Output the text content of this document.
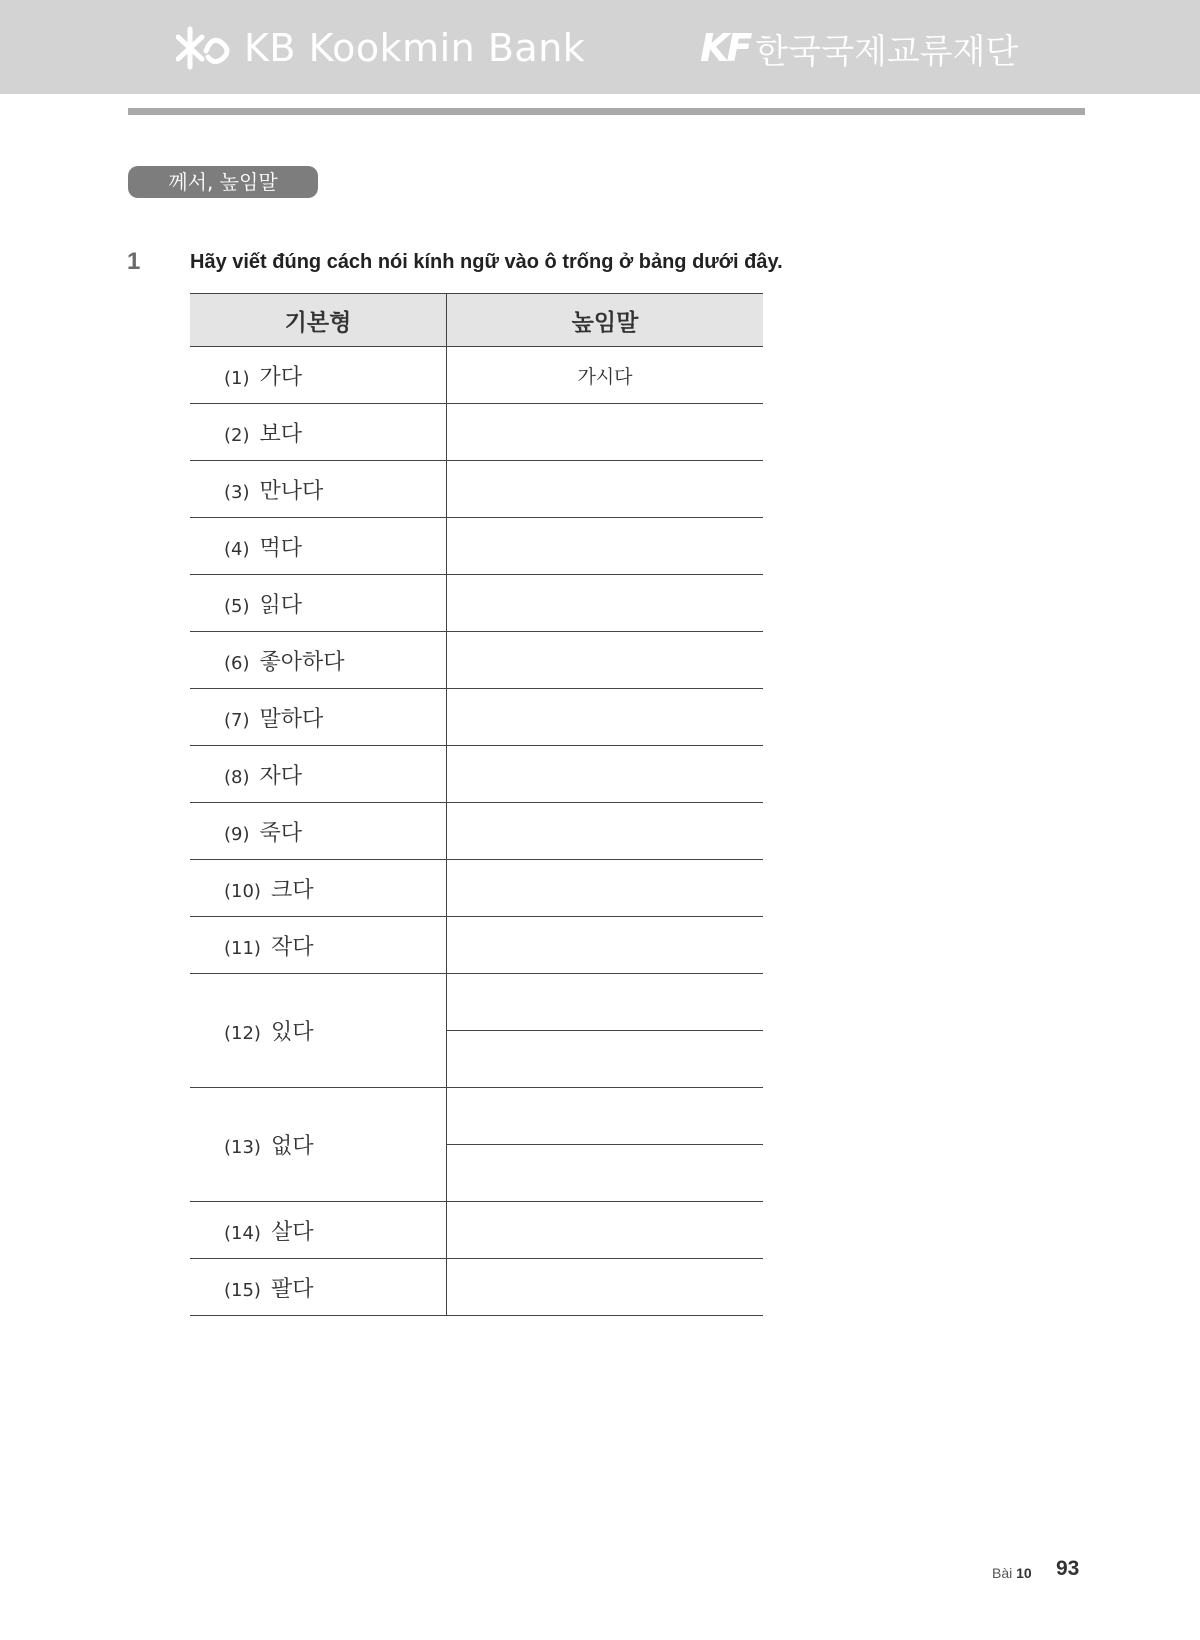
KB Kookmin Bank	KF 한국국제교류재단
께서, 높임말
1 Hãy viết đúng cách nói kính ngữ vào ô trống ở bảng dưới đây.
기본형	높임말
(1) 가다	가시다
(2) 보다	
(3) 만나다	
(4) 먹다	
(5) 읽다	
(6) 좋아하다	
(7) 말하다	
(8) 자다	
(9) 죽다	
(10) 크다	
(11) 작다	
(12) 있다	

(13) 없다	

(14) 살다	
(15) 팔다	
Bài 10 93
